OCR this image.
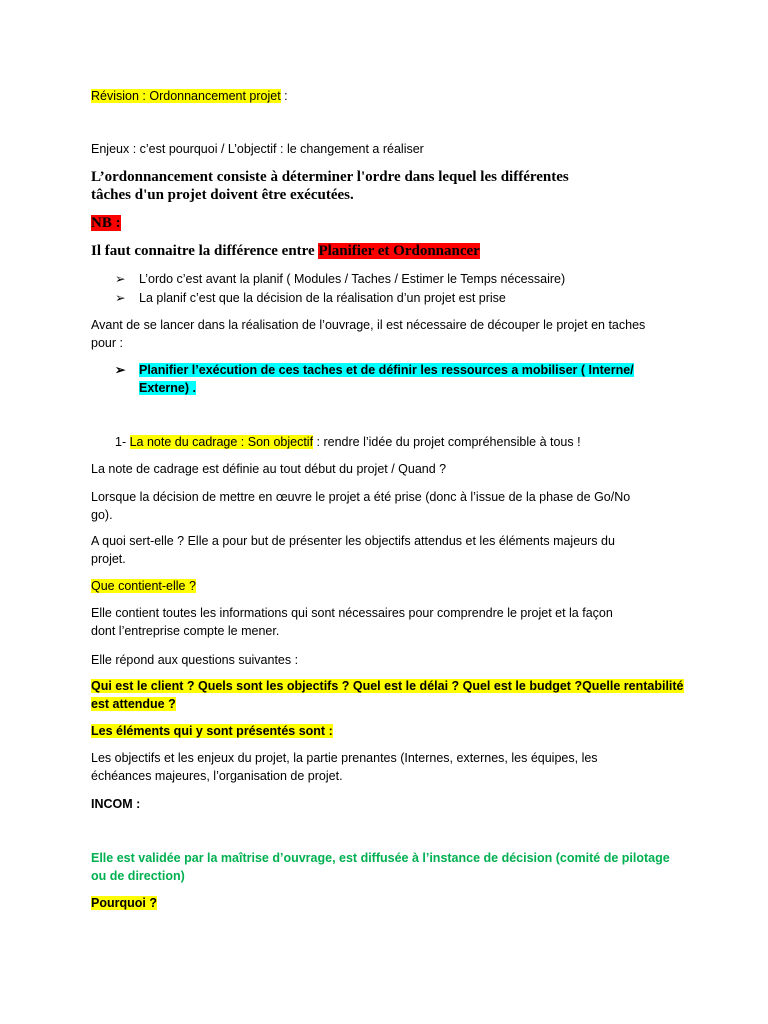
Révision : Ordonnancement projet :
Enjeux : c’est pourquoi / L’objectif : le changement a réaliser
L’ordonnancement consiste à déterminer l'ordre dans lequel les différentes
tâches d'un projet doivent être exécutées.
NB :
Il faut connaitre la différence entre Planifier et Ordonnancer
➢ L’ordo c’est avant la planif ( Modules / Taches / Estimer le Temps nécessaire)
➢ La planif c’est que la décision de la réalisation d’un projet est prise
Avant de se lancer dans la réalisation de l’ouvrage, il est nécessaire de découper le projet en taches
pour :
➢ Planifier l’exécution de ces taches et de définir les ressources a mobiliser ( Interne/
Externe) .
1- La note du cadrage : Son objectif : rendre l’idée du projet compréhensible à tous !
La note de cadrage est définie au tout début du projet / Quand ?
Lorsque la décision de mettre en œuvre le projet a été prise (donc à l’issue de la phase de Go/No
go).
A quoi sert-elle ? Elle a pour but de présenter les objectifs attendus et les éléments majeurs du
projet.
Que contient-elle ?
Elle contient toutes les informations qui sont nécessaires pour comprendre le projet et la façon
dont l’entreprise compte le mener.
Elle répond aux questions suivantes :
Qui est le client ? Quels sont les objectifs ? Quel est le délai ? Quel est le budget ?Quelle rentabilité
est attendue ?
Les éléments qui y sont présentés sont :
Les objectifs et les enjeux du projet, la partie prenantes (Internes, externes, les équipes, les
échéances majeures, l’organisation de projet.
INCOM :
Elle est validée par la maîtrise d’ouvrage, est diffusée à l’instance de décision (comité de pilotage
ou de direction)
Pourquoi ?
